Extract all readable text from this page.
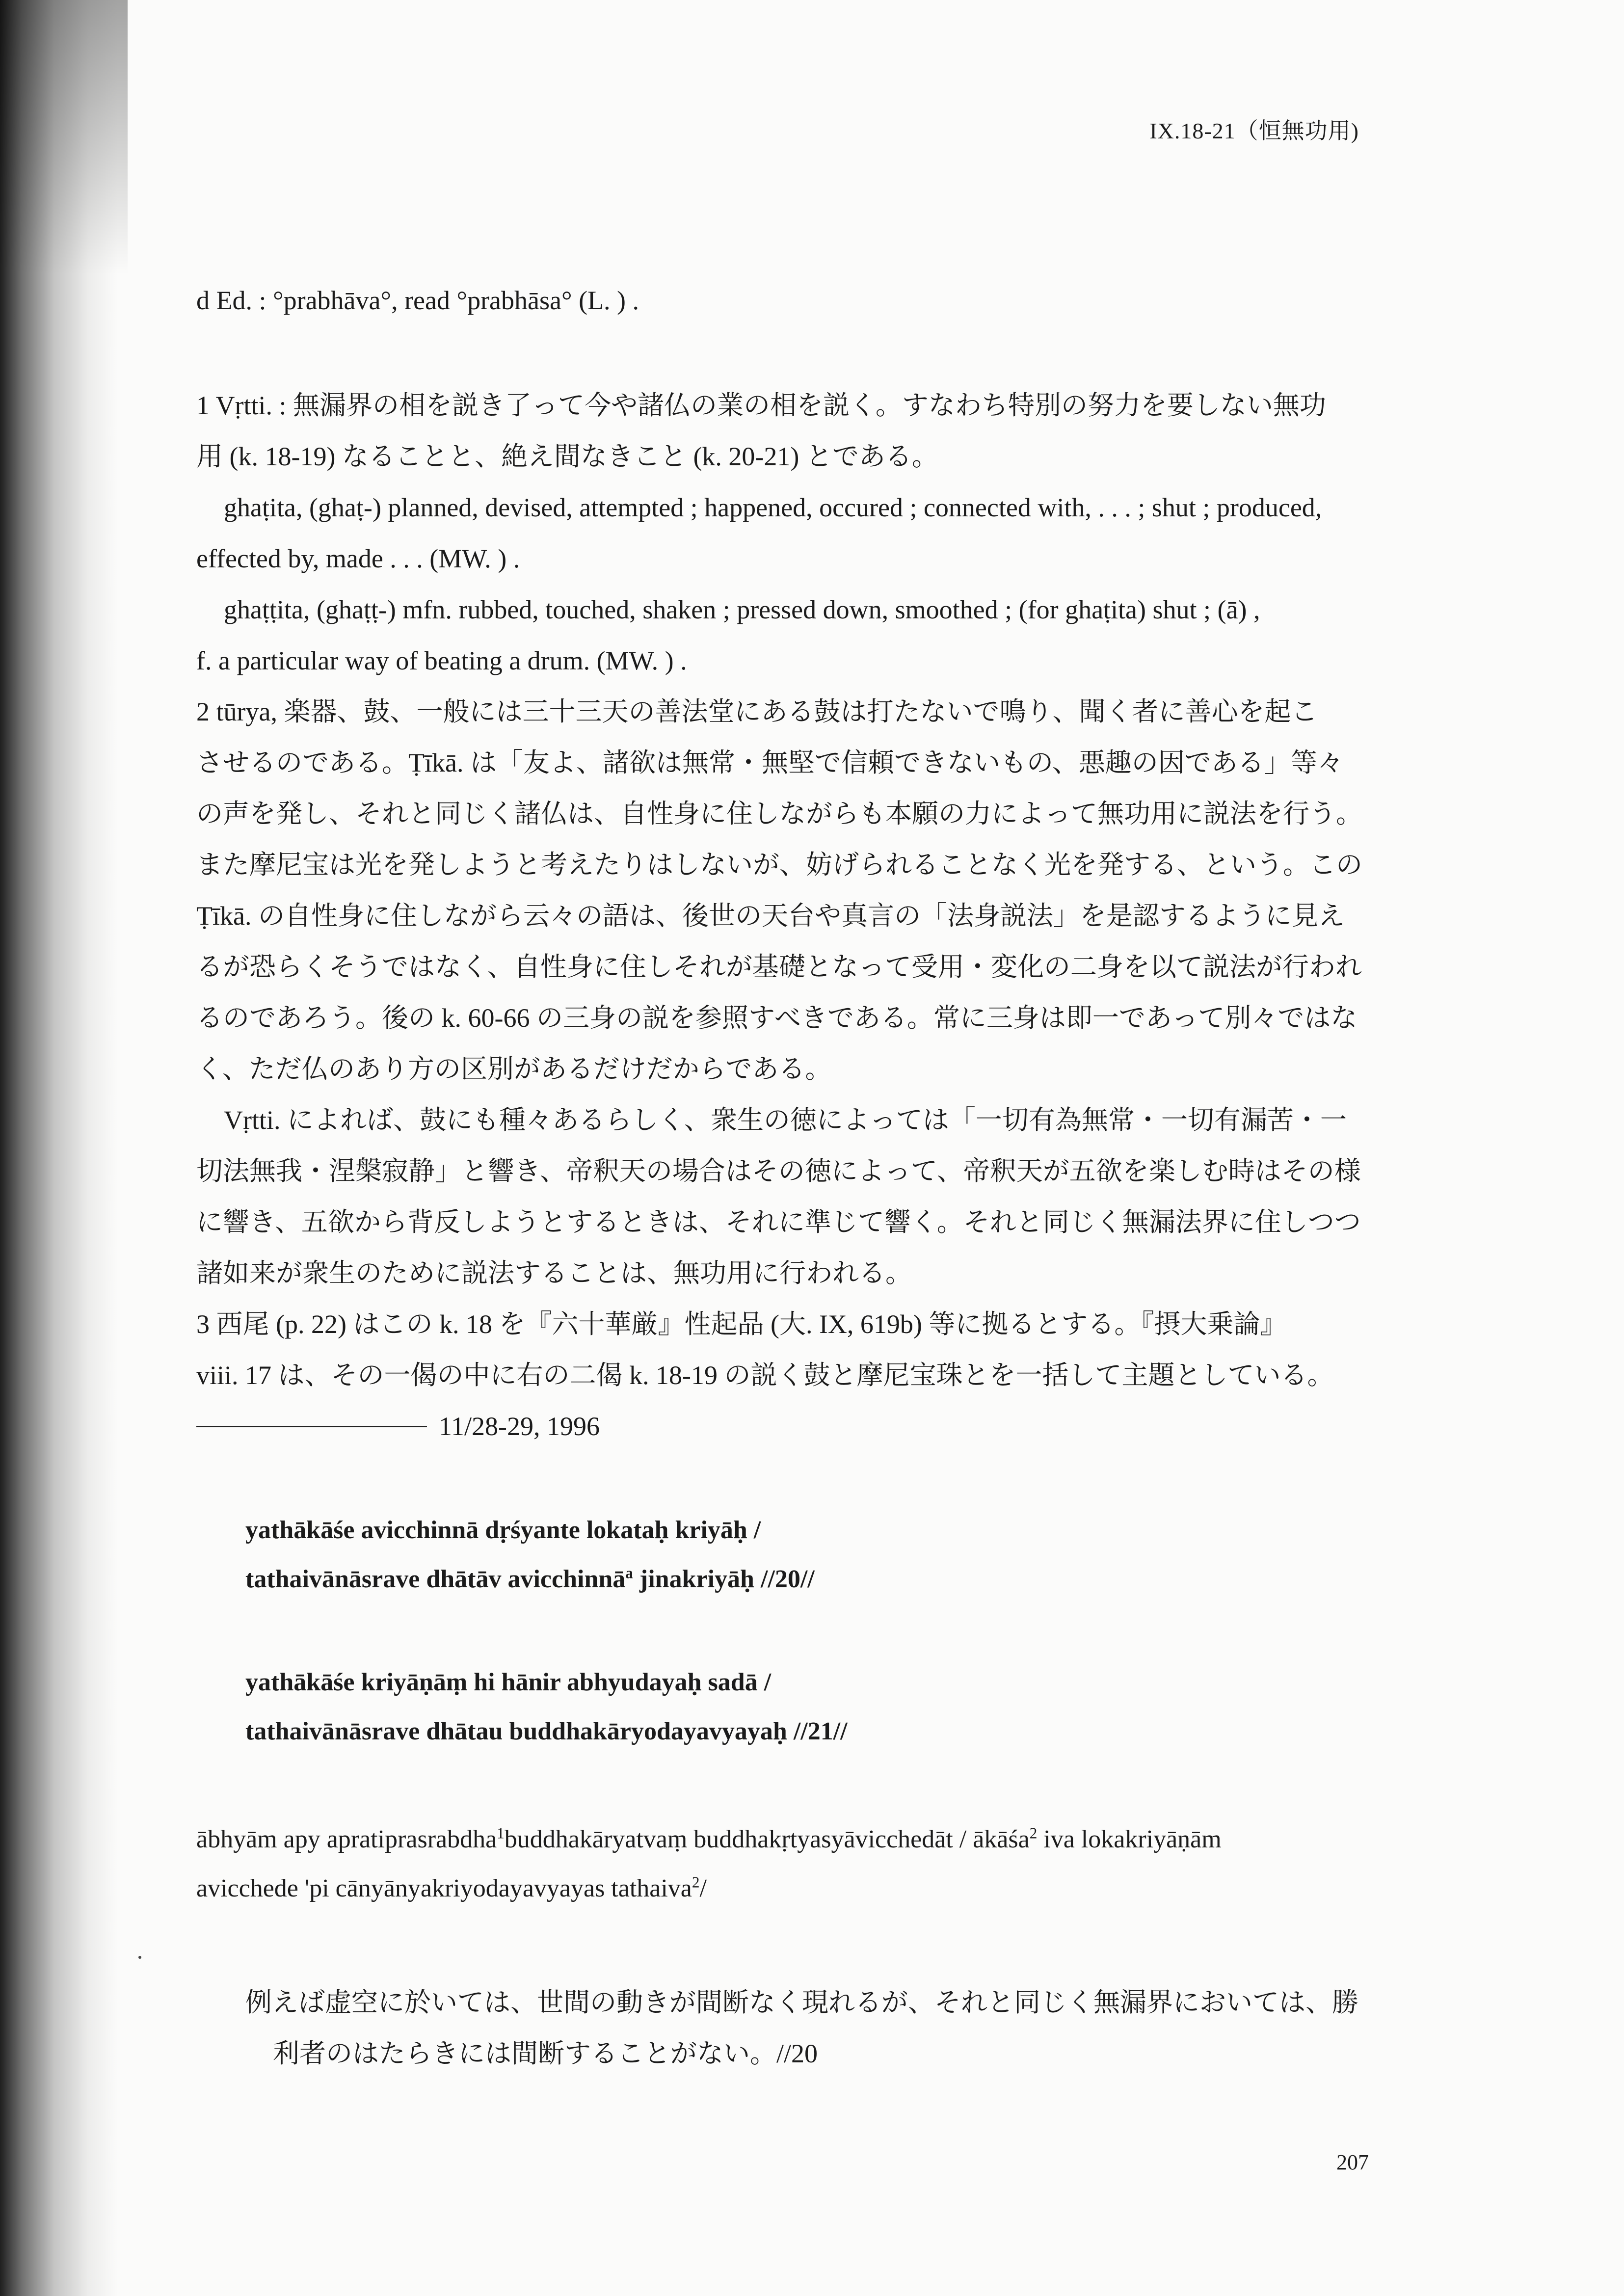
IX.18-21（恒無功用)

d Ed. : °prabhāva°, read °prabhāsa° (L. ) .

1 Vṛtti. : 無漏界の相を説き了って今や諸仏の業の相を説く。すなわち特別の努力を要しない無功

用 (k. 18-19) なることと、絶え間なきこと (k. 20-21) とである。

ghaṭita, (ghaṭ-) planned, devised, attempted ; happened, occured ; connected with, . . . ; shut ; produced,

effected by, made . . . (MW. ) .

ghaṭṭita, (ghaṭṭ-) mfn. rubbed, touched, shaken ; pressed down, smoothed ; (for ghaṭita) shut ; (ā) ,

f. a particular way of beating a drum. (MW. ) .

2 tūrya, 楽器、鼓、一般には三十三天の善法堂にある鼓は打たないで鳴り、聞く者に善心を起こ

させるのである。Ṭīkā. は「友よ、諸欲は無常・無堅で信頼できないもの、悪趣の因である」等々

の声を発し、それと同じく諸仏は、自性身に住しながらも本願の力によって無功用に説法を行う。

また摩尼宝は光を発しようと考えたりはしないが、妨げられることなく光を発する、という。この

Ṭīkā. の自性身に住しながら云々の語は、後世の天台や真言の「法身説法」を是認するように見え

るが恐らくそうではなく、自性身に住しそれが基礎となって受用・変化の二身を以て説法が行われ

るのであろう。後の k. 60-66 の三身の説を参照すべきである。常に三身は即一であって別々ではな

く、ただ仏のあり方の区別があるだけだからである。

Vṛtti. によれば、鼓にも種々あるらしく、衆生の徳によっては「一切有為無常・一切有漏苦・一

切法無我・涅槃寂静」と響き、帝釈天の場合はその徳によって、帝釈天が五欲を楽しむ時はその様

に響き、五欲から背反しようとするときは、それに準じて響く。それと同じく無漏法界に住しつつ

諸如来が衆生のために説法することは、無功用に行われる。

3 西尾 (p. 22) はこの k. 18 を『六十華厳』性起品 (大. IX, 619b) 等に拠るとする。『摂大乗論』

viii. 17 は、その一偈の中に右の二偈 k. 18-19 の説く鼓と摩尼宝珠とを一括して主題としている。

11/28-29, 1996

yathākāśe avicchinnā dṛśyante lokataḥ kriyāḥ /

tathaivānāsrave dhātāv avicchinnā$^a$ jinakriyāḥ //20//

yathākāśe kriyāṇāṃ hi hānir abhyudayaḥ sadā /

tathaivānāsrave dhātau buddhakāryodayavyayaḥ //21//

ābhyām apy apratiprasrabdha$^1$buddhakāryatvaṃ buddhakṛtyasyāvicchedāt / ākāśa$^2$ iva lokakriyāṇām

avicchede 'pi cānyānyakriyodayavyayas tathaiva$^2$/

例えば虚空に於いては、世間の動きが間断なく現れるが、それと同じく無漏界においては、勝

利者のはたらきには間断することがない。//20

207
